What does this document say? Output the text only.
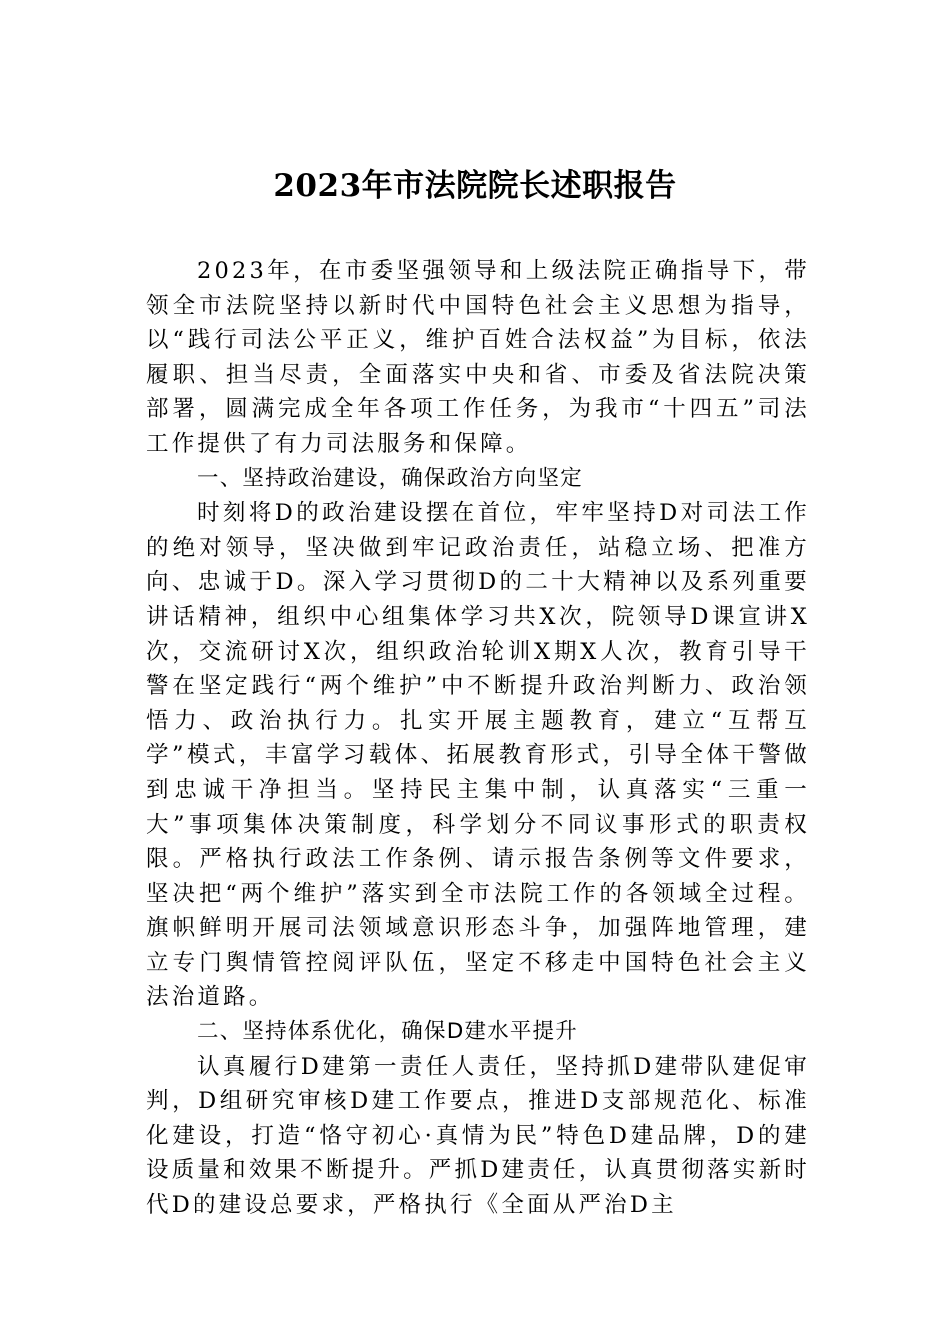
2023年市法院院长述职报告

2023年，在市委坚强领导和上级法院正确指导下，带领全市法院坚持以新时代中国特色社会主义思想为指导，以“践行司法公平正义，维护百姓合法权益”为目标，依法履职、担当尽责，全面落实中央和省、市委及省法院决策部署，圆满完成全年各项工作任务，为我市“十四五”司法工作提供了有力司法服务和保障。

一、坚持政治建设，确保政治方向坚定

时刻将D的政治建设摆在首位，牢牢坚持D对司法工作的绝对领导，坚决做到牢记政治责任，站稳立场、把准方向、忠诚于D。深入学习贯彻D的二十大精神以及系列重要讲话精神，组织中心组集体学习共X次，院领导D课宣讲X次，交流研讨X次，组织政治轮训X期X人次，教育引导干警在坚定践行“两个维护”中不断提升政治判断力、政治领悟力、政治执行力。扎实开展主题教育，建立“互帮互学”模式，丰富学习载体、拓展教育形式，引导全体干警做到忠诚干净担当。坚持民主集中制，认真落实“三重一大”事项集体决策制度，科学划分不同议事形式的职责权限。严格执行政法工作条例、请示报告条例等文件要求，坚决把“两个维护”落实到全市法院工作的各领域全过程。旗帜鲜明开展司法领域意识形态斗争，加强阵地管理，建立专门舆情管控阅评队伍，坚定不移走中国特色社会主义法治道路。

二、坚持体系优化，确保D建水平提升

认真履行D建第一责任人责任，坚持抓D建带队建促审判，D组研究审核D建工作要点，推进D支部规范化、标准化建设，打造“恪守初心·真情为民”特色D建品牌，D的建设质量和效果不断提升。严抓D建责任，认真贯彻落实新时代D的建设总要求，严格执行《全面从严治D主
